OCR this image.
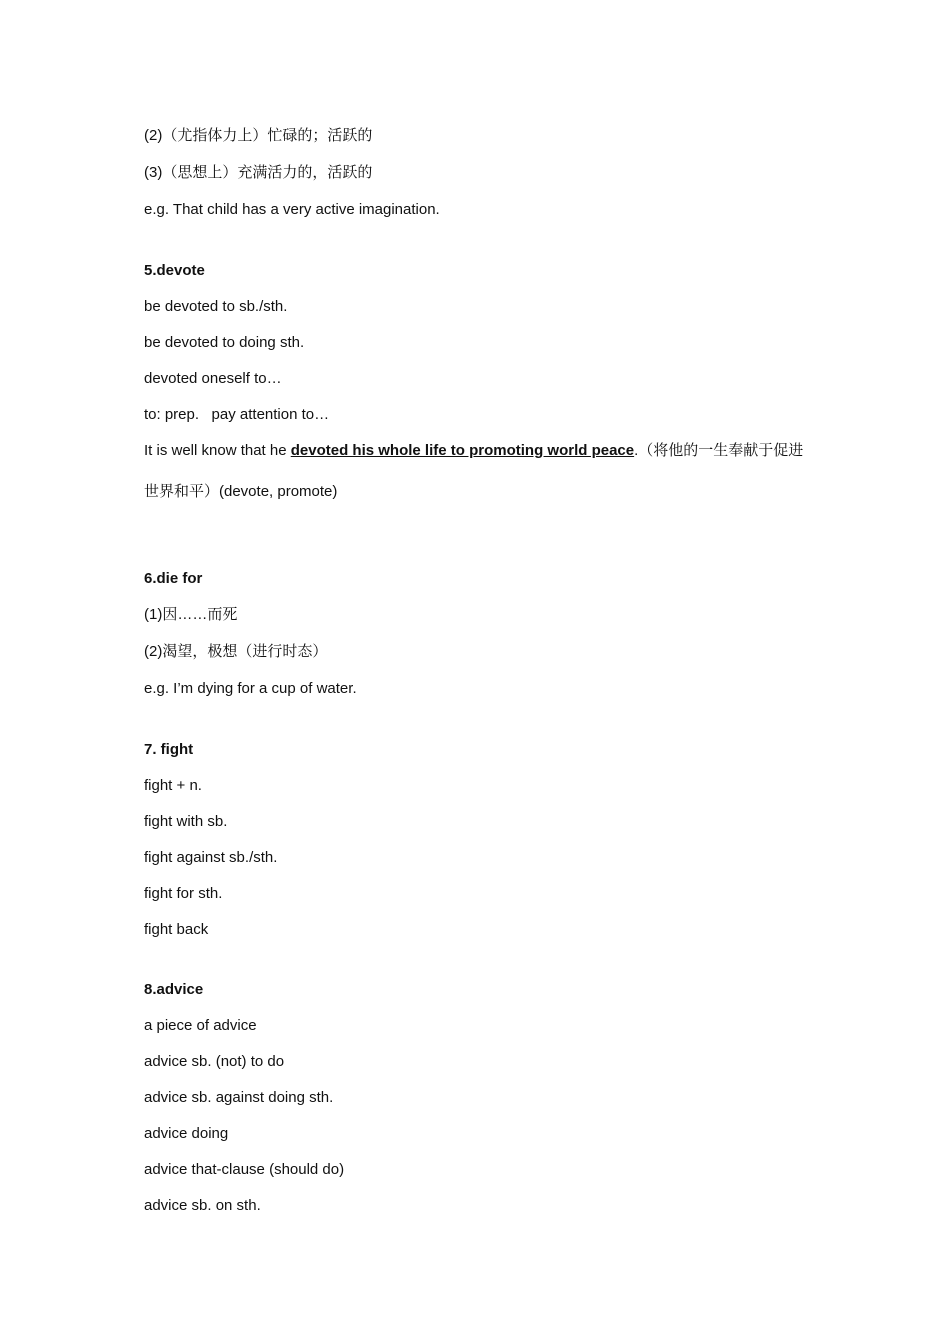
(2)（尤指体力上）忙碌的；活跃的
(3)（思想上）充满活力的，活跃的
e.g. That child has a very active imagination.
5.devote
be devoted to sb./sth.
be devoted to doing sth.
devoted oneself to…
to: prep.   pay attention to…
It is well know that he devoted his whole life to promoting world peace.（将他的一生奉献于促进世界和平）(devote, promote)
6.die for
(1)因……而死
(2)渴望，极想（进行时态）
e.g. I’m dying for a cup of water.
7. fight
fight + n.
fight with sb.
fight against sb./sth.
fight for sth.
fight back
8.advice
a piece of advice
advice sb. (not) to do
advice sb. against doing sth.
advice doing
advice that-clause (should do)
advice sb. on sth.
